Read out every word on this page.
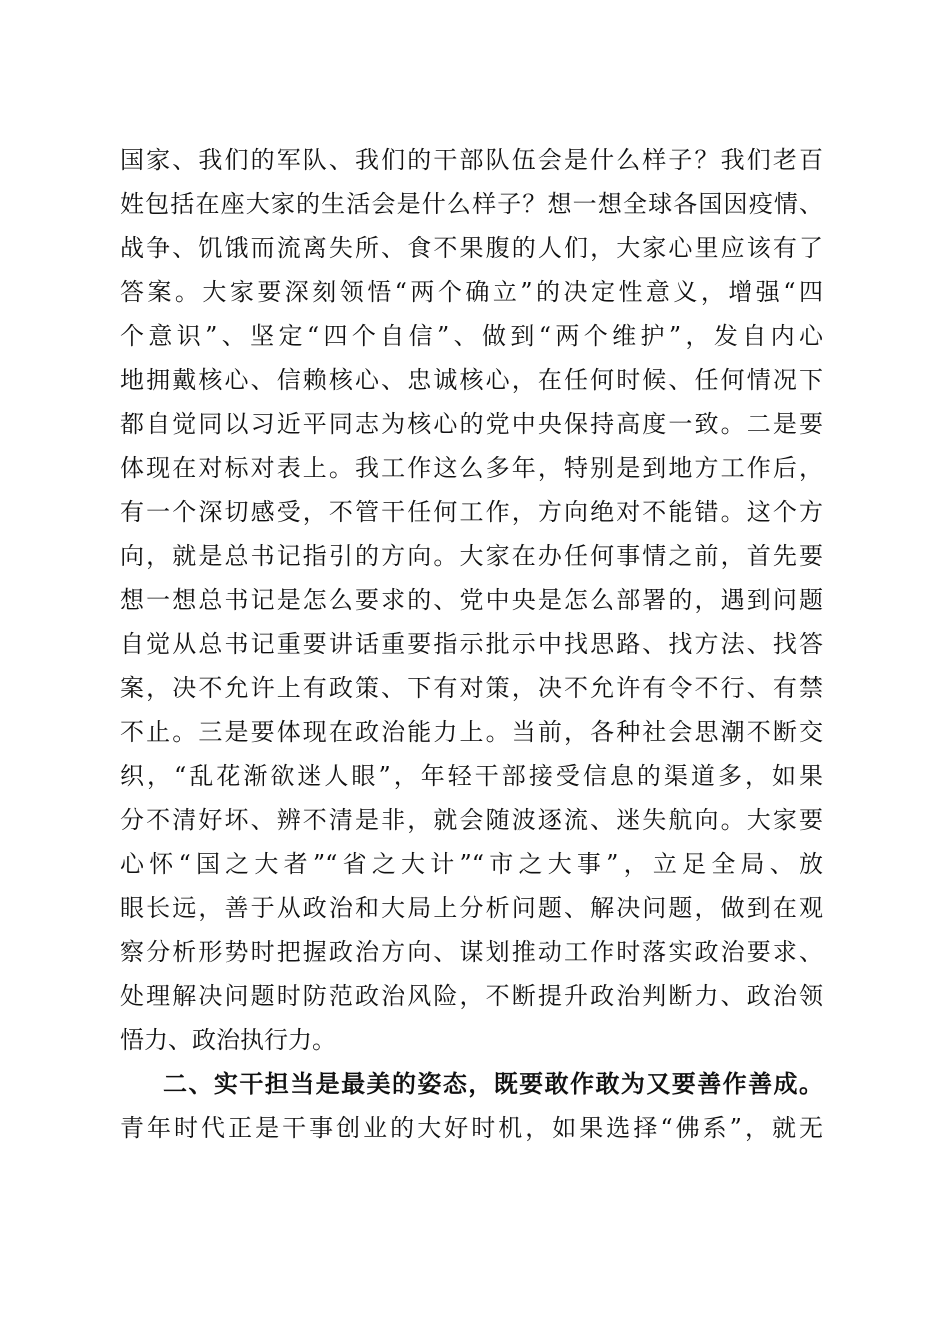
国家、我们的军队、我们的干部队伍会是什么样子？我们老百
姓包括在座大家的生活会是什么样子？想一想全球各国因疫情、
战争、饥饿而流离失所、食不果腹的人们，大家心里应该有了
答案。大家要深刻领悟“两个确立”的决定性意义，增强“四
个意识”、坚定“四个自信”、做到“两个维护”，发自内心
地拥戴核心、信赖核心、忠诚核心，在任何时候、任何情况下
都自觉同以习近平同志为核心的党中央保持高度一致。二是要
体现在对标对表上。我工作这么多年，特别是到地方工作后，
有一个深切感受，不管干任何工作，方向绝对不能错。这个方
向，就是总书记指引的方向。大家在办任何事情之前，首先要
想一想总书记是怎么要求的、党中央是怎么部署的，遇到问题
自觉从总书记重要讲话重要指示批示中找思路、找方法、找答
案，决不允许上有政策、下有对策，决不允许有令不行、有禁
不止。三是要体现在政治能力上。当前，各种社会思潮不断交
织，“乱花渐欲迷人眼”，年轻干部接受信息的渠道多，如果
分不清好坏、辨不清是非，就会随波逐流、迷失航向。大家要
心怀“国之大者”“省之大计”“市之大事”，立足全局、放
眼长远，善于从政治和大局上分析问题、解决问题，做到在观
察分析形势时把握政治方向、谋划推动工作时落实政治要求、
处理解决问题时防范政治风险，不断提升政治判断力、政治领
悟力、政治执行力。
二、实干担当是最美的姿态，既要敢作敢为又要善作善成。
青年时代正是干事创业的大好时机，如果选择“佛系”，就无
